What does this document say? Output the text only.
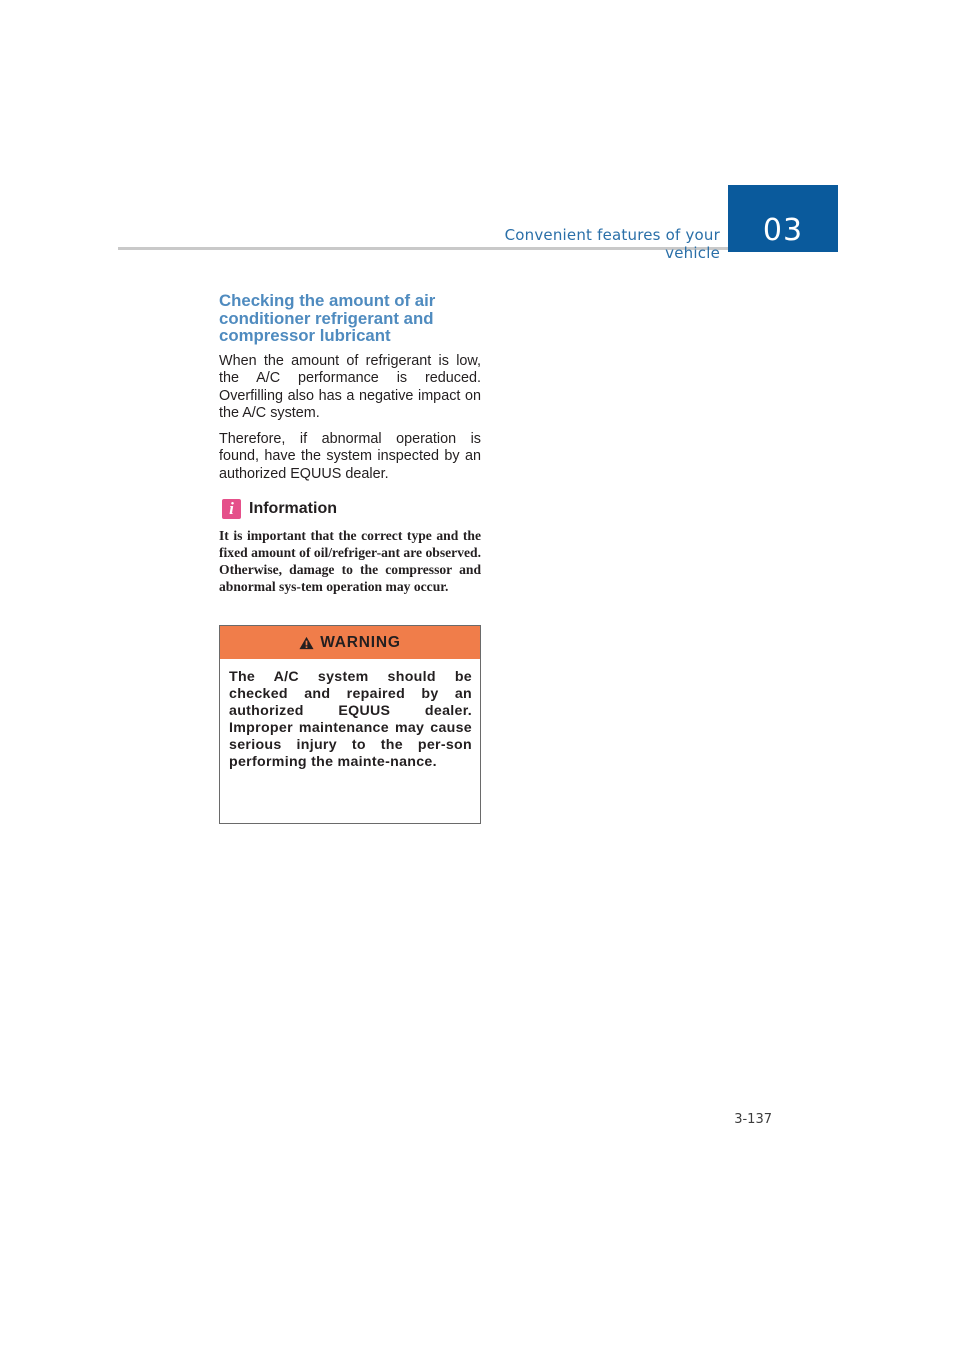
Convenient features of your vehicle
03
Checking the amount of air
conditioner refrigerant and
compressor lubricant

When the amount of refrigerant is low, the A/C performance is reduced. Overfilling also has a negative impact on the A/C system.

Therefore, if abnormal operation is found, have the system inspected by an authorized EQUUS dealer.

i Information

It is important that the correct type and the fixed amount of oil/refriger-ant are observed. Otherwise, damage to the compressor and abnormal sys-tem operation may occur.

WARNING

The A/C system should be checked and repaired by an authorized EQUUS dealer. Improper maintenance may cause serious injury to the per-son performing the mainte-nance.

3-137
